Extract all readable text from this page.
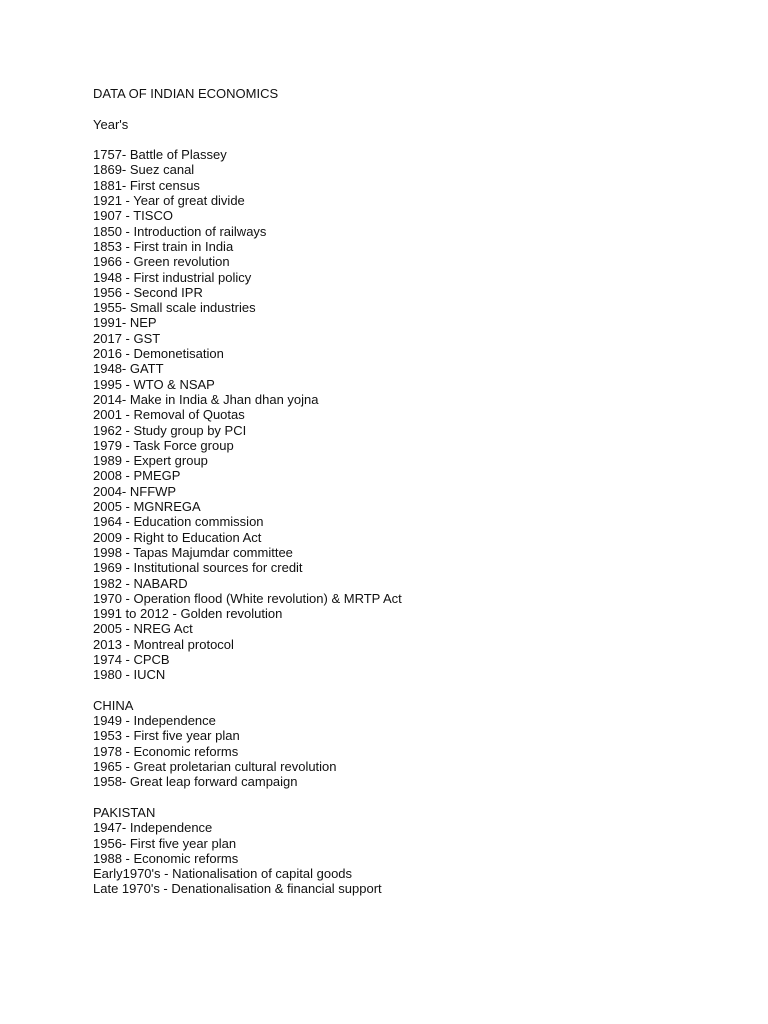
DATA OF INDIAN ECONOMICS
Year's
1757- Battle of Plassey
1869- Suez canal
1881- First census
1921 - Year of great divide
1907 - TISCO
1850 - Introduction of railways
1853 - First train in India
1966 - Green revolution
1948 - First industrial policy
1956 - Second IPR
1955- Small scale industries
1991- NEP
2017 - GST
2016 - Demonetisation
1948- GATT
1995 - WTO & NSAP
2014- Make in India & Jhan dhan yojna
2001 - Removal of Quotas
1962 - Study group by PCI
1979 - Task Force group
1989 - Expert group
2008 - PMEGP
2004- NFFWP
2005 - MGNREGA
1964 - Education commission
2009 - Right to Education Act
1998 - Tapas Majumdar committee
1969 - Institutional sources for credit
1982 - NABARD
1970 - Operation flood (White revolution) & MRTP Act
1991 to 2012 - Golden revolution
2005 - NREG Act
2013 - Montreal protocol
1974 - CPCB
1980 - IUCN
CHINA
1949 - Independence
1953 - First five year plan
1978 - Economic reforms
1965 - Great proletarian cultural revolution
1958- Great leap forward campaign
PAKISTAN
1947- Independence
1956- First five year plan
1988 - Economic reforms
Early1970's - Nationalisation of capital goods
Late 1970's - Denationalisation & financial support
